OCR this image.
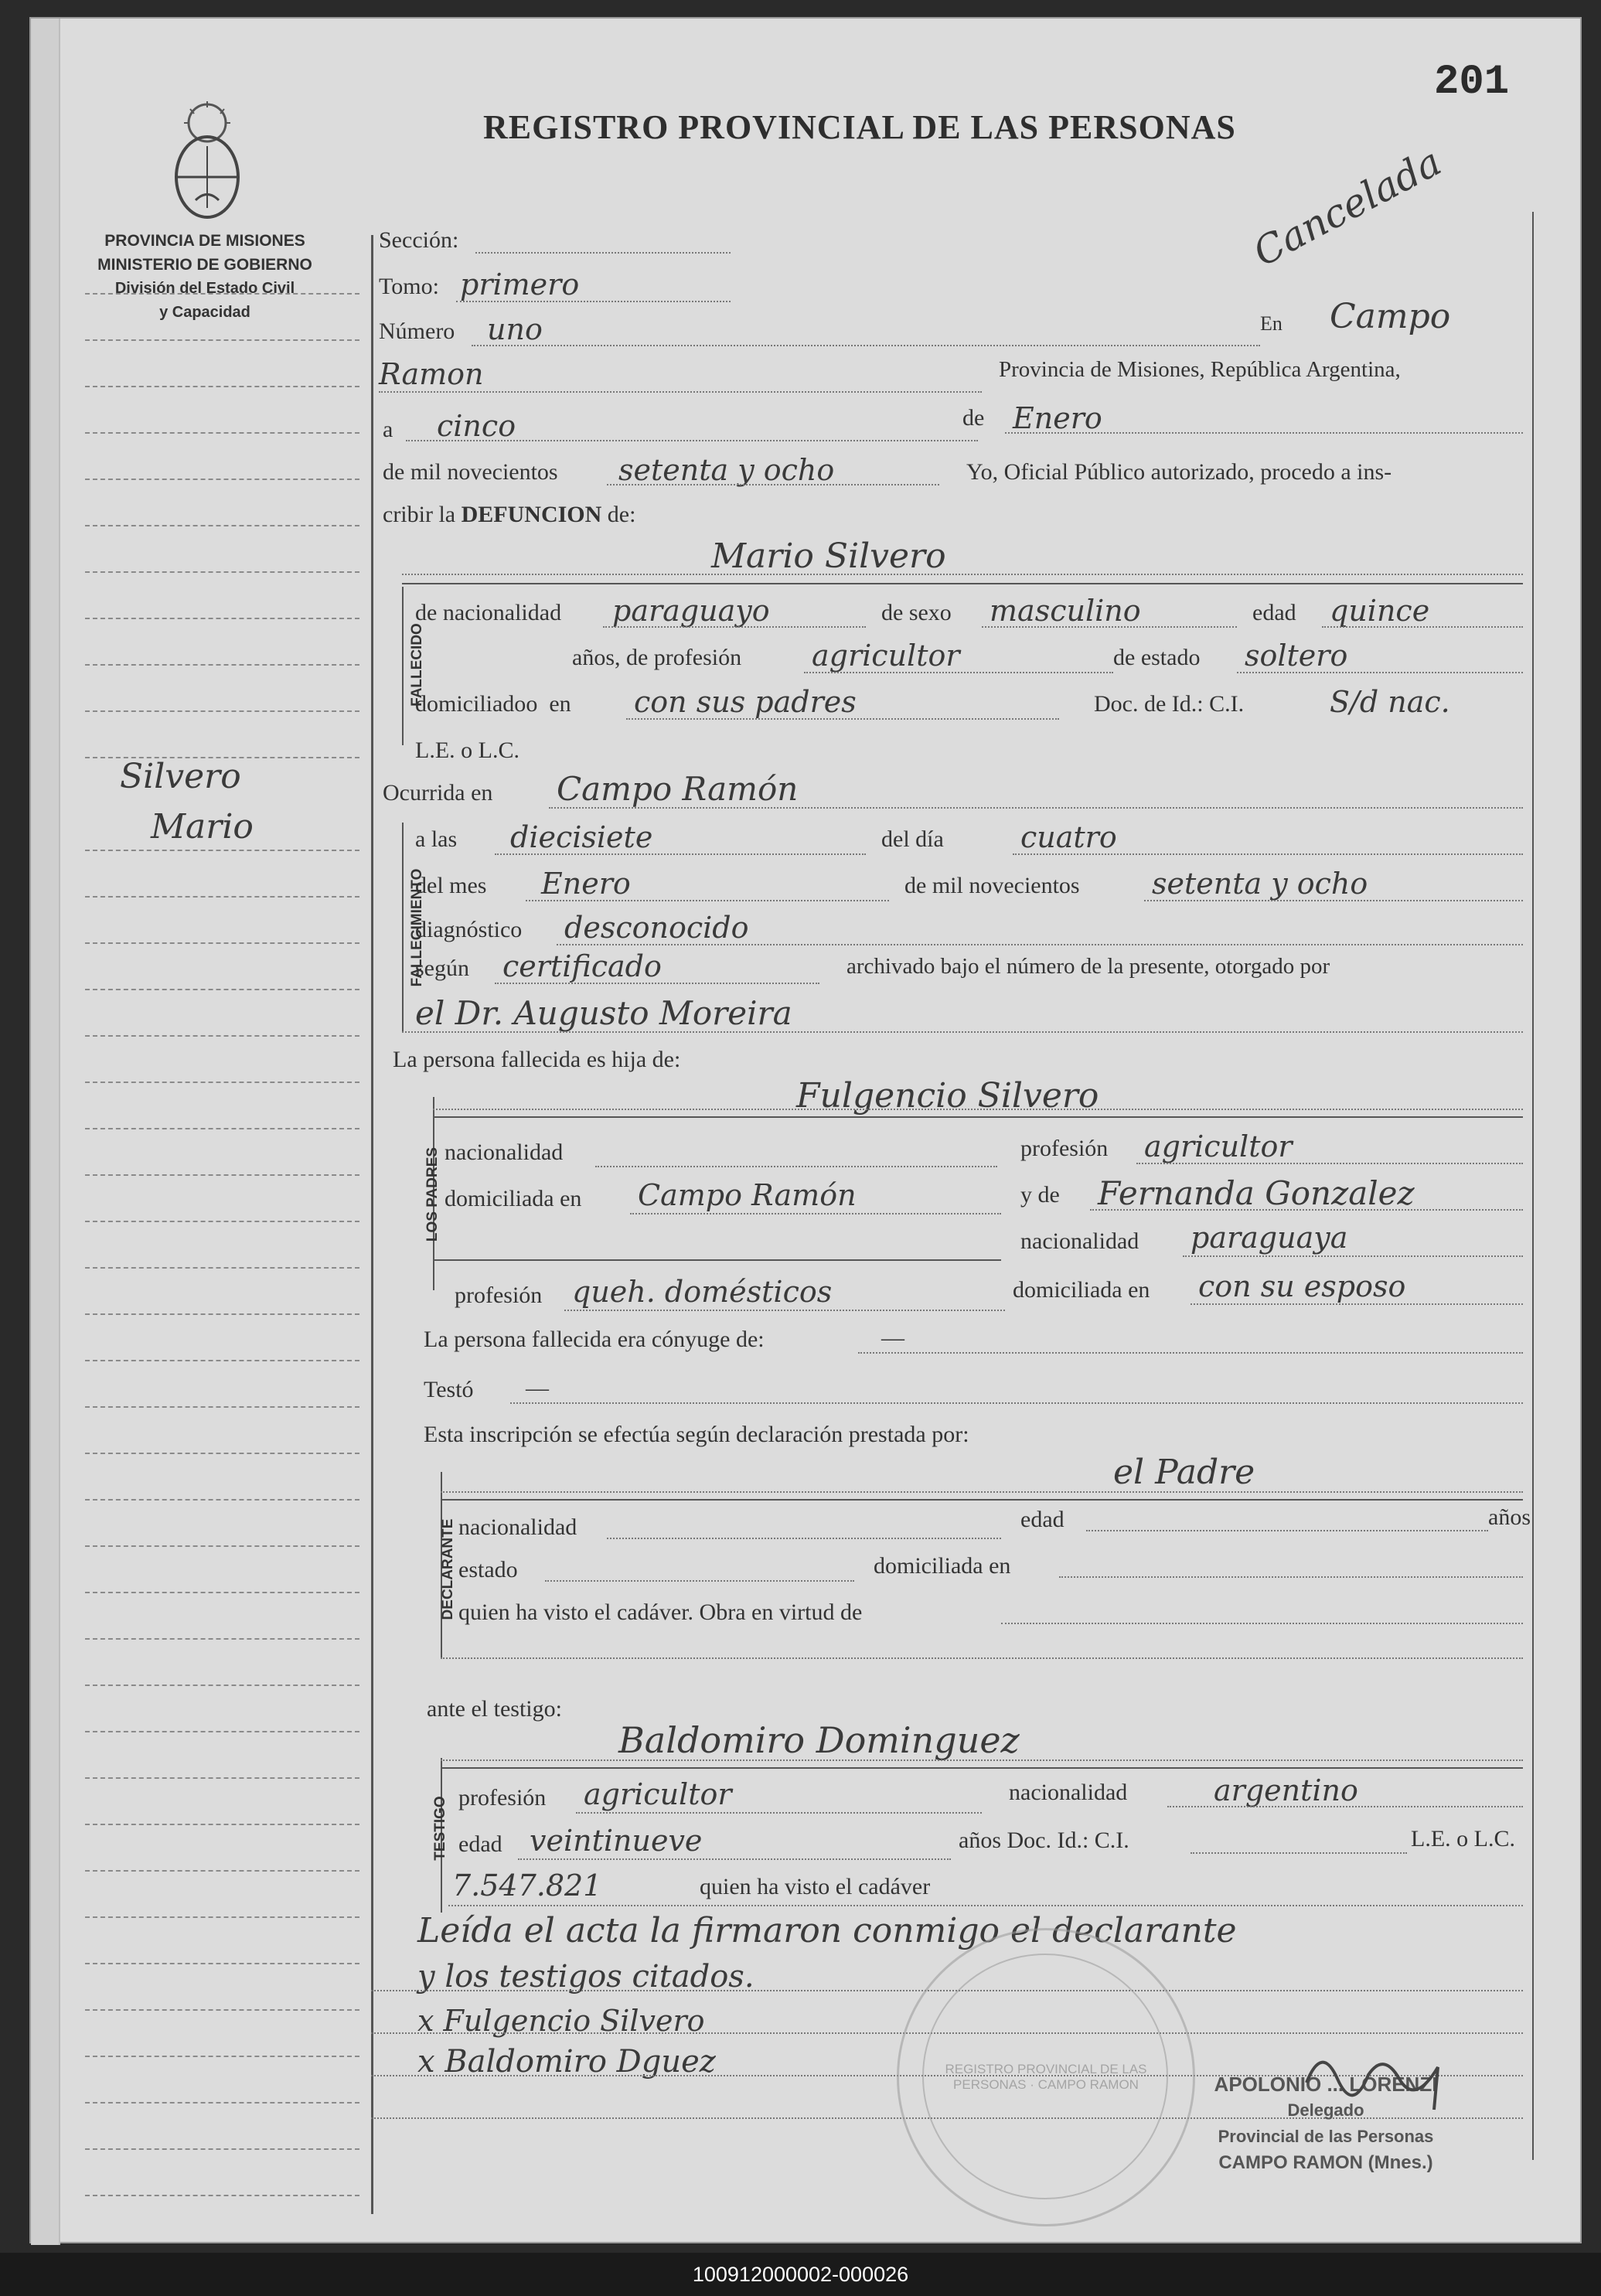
201
PROVINCIA DE MISIONES
MINISTERIO DE GOBIERNO
División del Estado Civil
y Capacidad
REGISTRO PROVINCIAL DE LAS PERSONAS
Cancelada
Silvero
Mario
Sección:
Tomo: primero
Número uno	En Campo
Ramon	Provincia de Misiones, República Argentina,
a cinco	de Enero
de mil novecientos setenta y ocho	Yo, Oficial Público autorizado, procedo a ins-
cribir la DEFUNCION de:
FALLECIDO
Mario Silvero
de nacionalidad paraguayo	de sexo masculino	edad quince
años, de profesión agricultor	de estado soltero
domiciliadoo en con sus padres	Doc. de Id.: C.I.	S/d nac.
L.E. o L.C.
Ocurrida en Campo Ramón
FALLECIMIENTO
a las diecisiete	del día	cuatro
del mes Enero	de mil novecientos setenta y ocho
diagnóstico desconocido
según certificado	archivado bajo el número de la presente, otorgado por
el Dr. Augusto Moreira
La persona fallecida es hija de:
LOS PADRES
Fulgencio Silvero
nacionalidad	profesión agricultor
domiciliada en Campo Ramón	y de Fernanda Gonzalez
nacionalidad paraguaya
profesión queh. domésticos	domiciliada en con su esposo
La persona fallecida era cónyuge de:	—
Testó —
Esta inscripción se efectúa según declaración prestada por:
DECLARANTE
el Padre
nacionalidad	edad	años
estado	domiciliada en
quien ha visto el cadáver. Obra en virtud de
ante el testigo:
TESTIGO
Baldomiro Dominguez
profesión agricultor	nacionalidad	argentino
edad veintinueve	años Doc. Id.: C.I.	L.E. o L.C.
7.547.821	quien ha visto el cadáver
Leída el acta la firmaron conmigo el declarante
y los testigos citados.
x Fulgencio Silvero
x Baldomiro Dguez	REGISTRO PROVINCIAL DE LAS PERSONAS · CAMPO RAMON	APOLONIO ... LORENZI
Delegado
Provincial de las Personas
CAMPO RAMON (Mnes.)
100912000002-000026
